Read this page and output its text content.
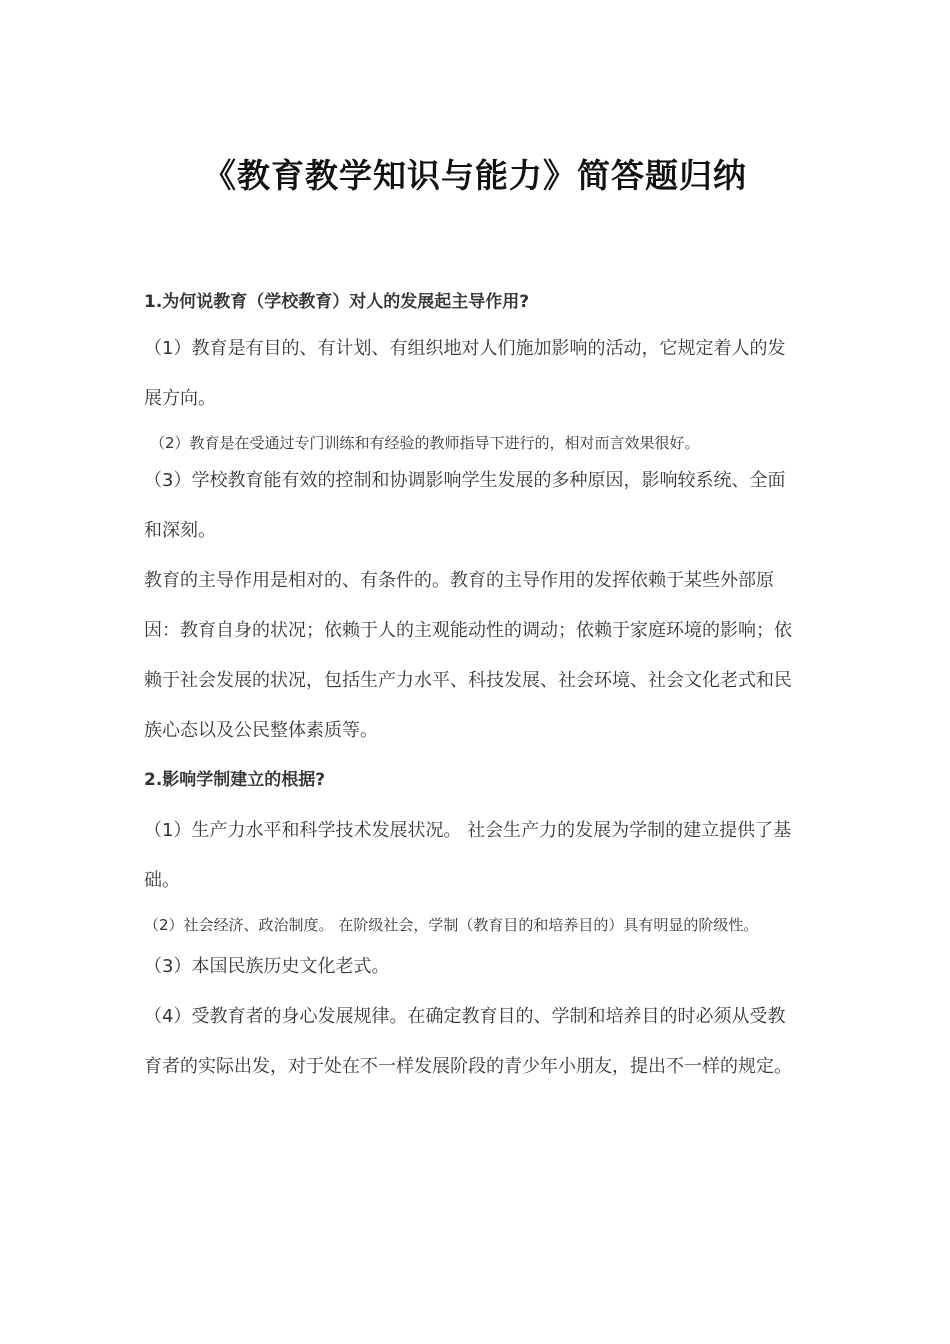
《教育教学知识与能力》简答题归纳

1.为何说教育（学校教育）对人的发展起主导作用?

（1）教育是有目的、有计划、有组织地对人们施加影响的活动，它规定着人的发展方向。

（2）教育是在受通过专门训练和有经验的教师指导下进行的，相对而言效果很好。

（3）学校教育能有效的控制和协调影响学生发展的多种原因，影响较系统、全面和深刻。

教育的主导作用是相对的、有条件的。教育的主导作用的发挥依赖于某些外部原因：教育自身的状况；依赖于人的主观能动性的调动；依赖于家庭环境的影响；依赖于社会发展的状况，包括生产力水平、科技发展、社会环境、社会文化老式和民族心态以及公民整体素质等。

2.影响学制建立的根据?

（1）生产力水平和科学技术发展状况。 社会生产力的发展为学制的建立提供了基础。

（2）社会经济、政治制度。 在阶级社会，学制（教育目的和培养目的）具有明显的阶级性。

（3）本国民族历史文化老式。

（4）受教育者的身心发展规律。在确定教育目的、学制和培养目的时必须从受教育者的实际出发，对于处在不一样发展阶段的青少年小朋友，提出不一样的规定。
